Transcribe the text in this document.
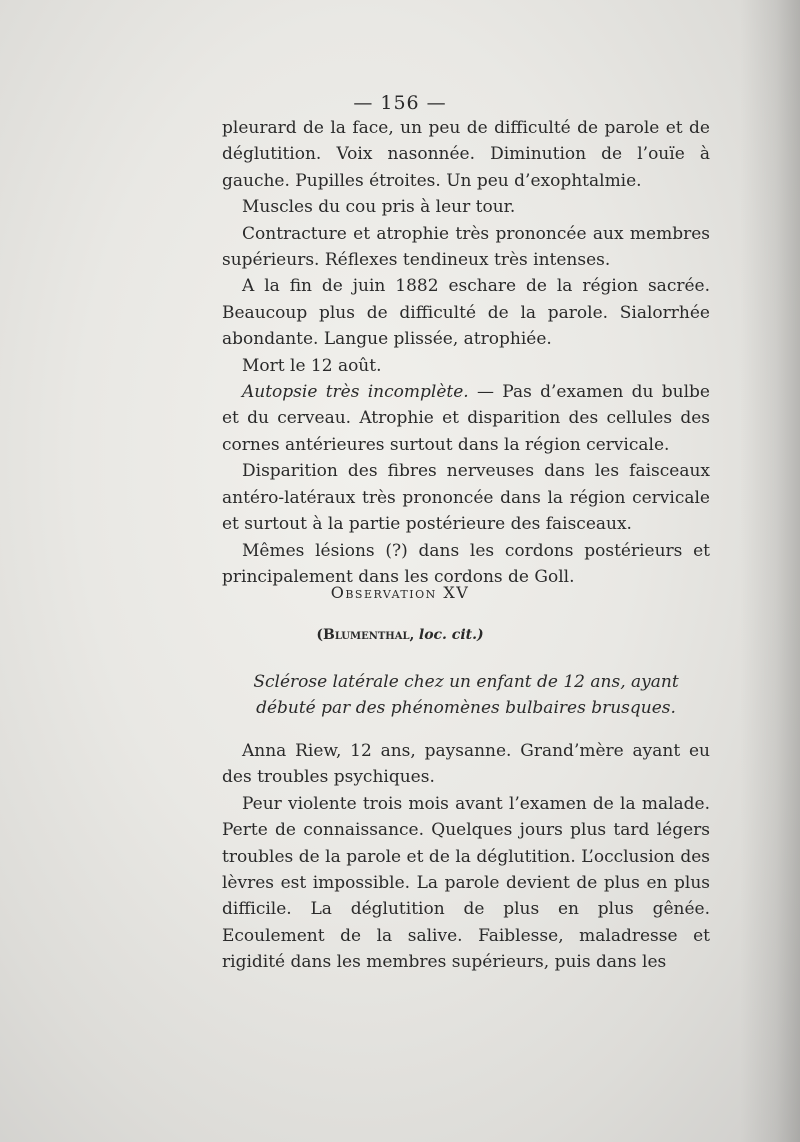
— 156 —

pleurard de la face, un peu de difficulté de parole et de déglutition. Voix nasonnée. Diminution de l’ouïe à gauche. Pupilles étroites. Un peu d’exophtalmie.

Muscles du cou pris à leur tour.

Contracture et atrophie très prononcée aux membres supérieurs. Réflexes tendineux très intenses.

A la fin de juin 1882 eschare de la région sacrée. Beaucoup plus de difficulté de la parole. Sialorrhée abondante. Langue plissée, atrophiée.

Mort le 12 août.

Autopsie très incomplète. — Pas d’examen du bulbe et du cerveau. Atrophie et disparition des cellules des cornes antérieures surtout dans la région cervicale.

Disparition des fibres nerveuses dans les faisceaux antéro-latéraux très prononcée dans la région cervicale et surtout à la partie postérieure des faisceaux.

Mêmes lésions (?) dans les cordons postérieurs et principalement dans les cordons de Goll.

Observation XV
(Blumenthal, loc. cit.)
Sclérose latérale chez un enfant de 12 ans, ayant débuté par des phénomènes bulbaires brusques.

Anna Riew, 12 ans, paysanne. Grand’mère ayant eu des troubles psychiques.

Peur violente trois mois avant l’examen de la malade. Perte de connaissance. Quelques jours plus tard légers troubles de la parole et de la déglutition. L’occlusion des lèvres est impossible. La parole devient de plus en plus difficile. La déglutition de plus en plus gênée. Ecoulement de la salive. Faiblesse, maladresse et rigidité dans les membres supérieurs, puis dans les
